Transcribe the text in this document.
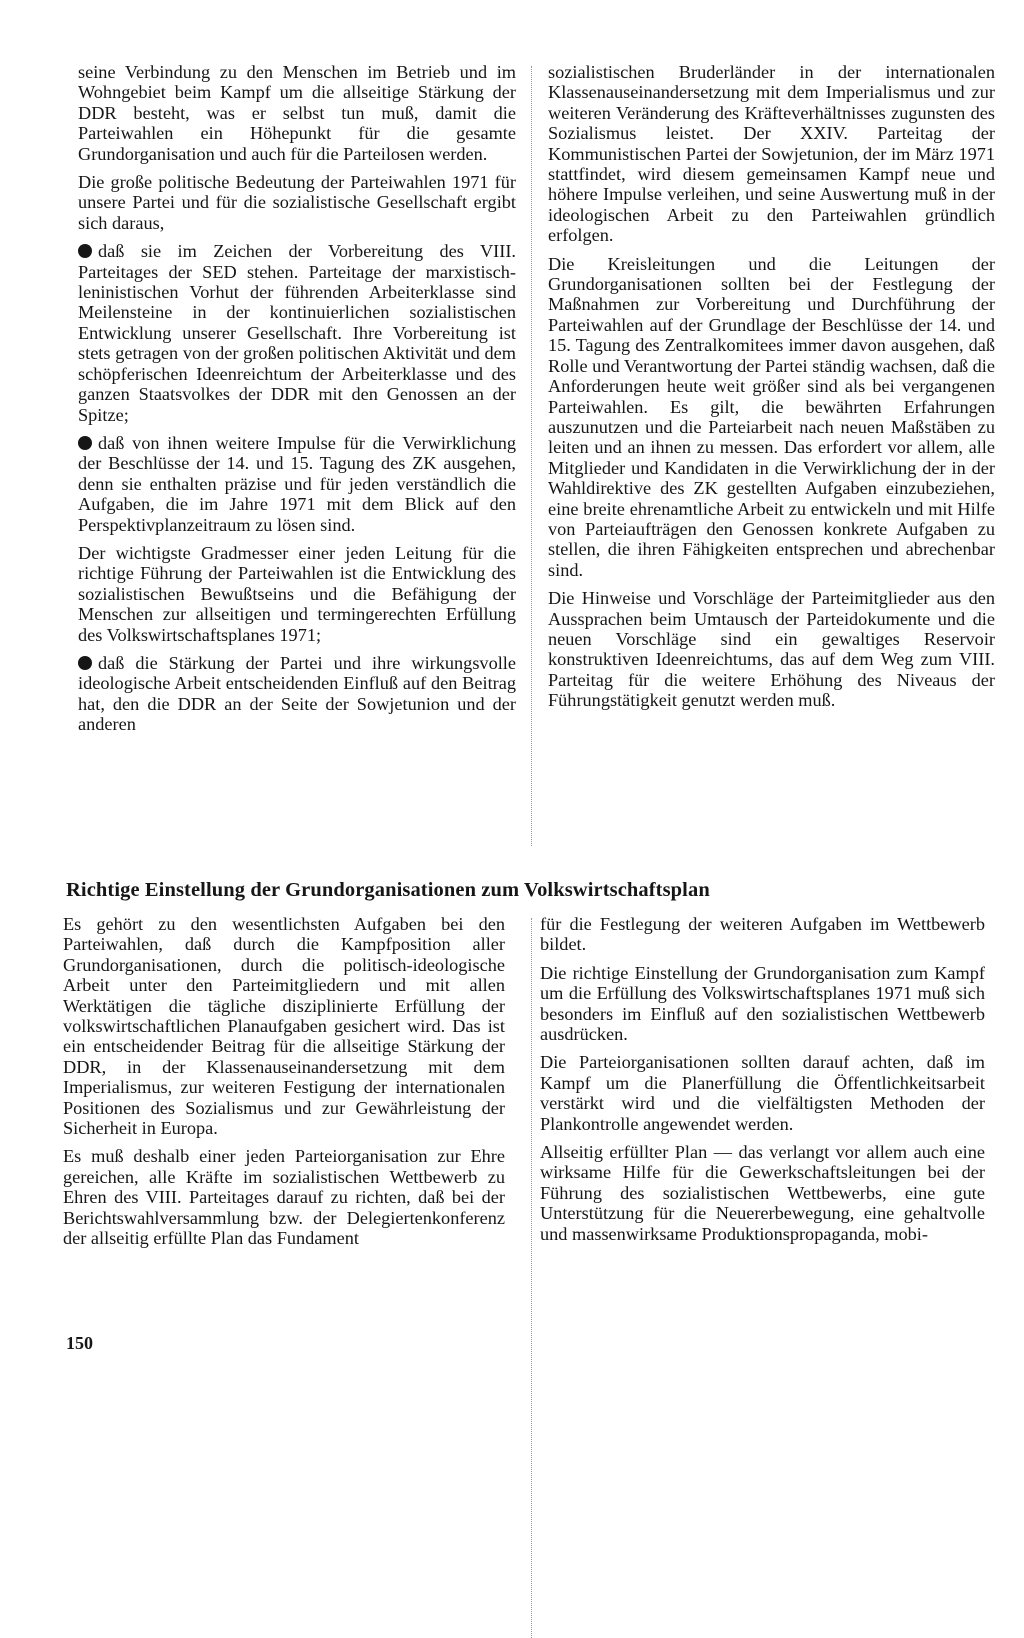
seine Verbindung zu den Menschen im Betrieb und im Wohngebiet beim Kampf um die allseitige Stärkung der DDR besteht, was er selbst tun muß, damit die Parteiwahlen ein Höhepunkt für die gesamte Grundorganisation und auch für die Parteilosen werden.

Die große politische Bedeutung der Parteiwahlen 1971 für unsere Partei und für die sozialistische Gesellschaft ergibt sich daraus,

daß sie im Zeichen der Vorbereitung des VIII. Parteitages der SED stehen. Parteitage der marxistisch-leninistischen Vorhut der führenden Arbeiterklasse sind Meilensteine in der kontinuierlichen sozialistischen Entwicklung unserer Gesellschaft. Ihre Vorbereitung ist stets getragen von der großen politischen Aktivität und dem schöpferischen Ideenreichtum der Arbeiterklasse und des ganzen Staatsvolkes der DDR mit den Genossen an der Spitze;

daß von ihnen weitere Impulse für die Verwirklichung der Beschlüsse der 14. und 15. Tagung des ZK ausgehen, denn sie enthalten präzise und für jeden verständlich die Aufgaben, die im Jahre 1971 mit dem Blick auf den Perspektivplanzeitraum zu lösen sind.

Der wichtigste Gradmesser einer jeden Leitung für die richtige Führung der Parteiwahlen ist die Entwicklung des sozialistischen Bewußtseins und die Befähigung der Menschen zur allseitigen und termingerechten Erfüllung des Volkswirtschaftsplanes 1971;

daß die Stärkung der Partei und ihre wirkungsvolle ideologische Arbeit entscheidenden Einfluß auf den Beitrag hat, den die DDR an der Seite der Sowjetunion und der anderen

sozialistischen Bruderländer in der internationalen Klassenauseinandersetzung mit dem Imperialismus und zur weiteren Veränderung des Kräfteverhältnisses zugunsten des Sozialismus leistet. Der XXIV. Parteitag der Kommunistischen Partei der Sowjetunion, der im März 1971 stattfindet, wird diesem gemeinsamen Kampf neue und höhere Impulse verleihen, und seine Auswertung muß in der ideologischen Arbeit zu den Parteiwahlen gründlich erfolgen.

Die Kreisleitungen und die Leitungen der Grundorganisationen sollten bei der Festlegung der Maßnahmen zur Vorbereitung und Durchführung der Parteiwahlen auf der Grundlage der Beschlüsse der 14. und 15. Tagung des Zentralkomitees immer davon ausgehen, daß Rolle und Verantwortung der Partei ständig wachsen, daß die Anforderungen heute weit größer sind als bei vergangenen Parteiwahlen. Es gilt, die bewährten Erfahrungen auszunutzen und die Parteiarbeit nach neuen Maßstäben zu leiten und an ihnen zu messen. Das erfordert vor allem, alle Mitglieder und Kandidaten in die Verwirklichung der in der Wahldirektive des ZK gestellten Aufgaben einzubeziehen, eine breite ehrenamtliche Arbeit zu entwickeln und mit Hilfe von Parteiaufträgen den Genossen konkrete Aufgaben zu stellen, die ihren Fähigkeiten entsprechen und abrechenbar sind.

Die Hinweise und Vorschläge der Parteimitglieder aus den Aussprachen beim Umtausch der Parteidokumente und die neuen Vorschläge sind ein gewaltiges Reservoir konstruktiven Ideenreichtums, das auf dem Weg zum VIII. Parteitag für die weitere Erhöhung des Niveaus der Führungstätigkeit genutzt werden muß.

Richtige Einstellung der Grundorganisationen zum Volkswirtschaftsplan

Es gehört zu den wesentlichsten Aufgaben bei den Parteiwahlen, daß durch die Kampfposition aller Grundorganisationen, durch die politisch-ideologische Arbeit unter den Parteimitgliedern und mit allen Werktätigen die tägliche disziplinierte Erfüllung der volkswirtschaftlichen Planaufgaben gesichert wird. Das ist ein entscheidender Beitrag für die allseitige Stärkung der DDR, in der Klassenauseinandersetzung mit dem Imperialismus, zur weiteren Festigung der internationalen Positionen des Sozialismus und zur Gewährleistung der Sicherheit in Europa.

Es muß deshalb einer jeden Parteiorganisation zur Ehre gereichen, alle Kräfte im sozialistischen Wettbewerb zu Ehren des VIII. Parteitages darauf zu richten, daß bei der Berichtswahlversammlung bzw. der Delegiertenkonferenz der allseitig erfüllte Plan das Fundament

für die Festlegung der weiteren Aufgaben im Wettbewerb bildet.

Die richtige Einstellung der Grundorganisation zum Kampf um die Erfüllung des Volkswirtschaftsplanes 1971 muß sich besonders im Einfluß auf den sozialistischen Wettbewerb ausdrücken.

Die Parteiorganisationen sollten darauf achten, daß im Kampf um die Planerfüllung die Öffentlichkeitsarbeit verstärkt wird und die vielfältigsten Methoden der Plankontrolle angewendet werden.

Allseitig erfüllter Plan — das verlangt vor allem auch eine wirksame Hilfe für die Gewerkschaftsleitungen bei der Führung des sozialistischen Wettbewerbs, eine gute Unterstützung für die Neuererbewegung, eine gehaltvolle und massenwirksame Produktionspropaganda, mobi-

150
